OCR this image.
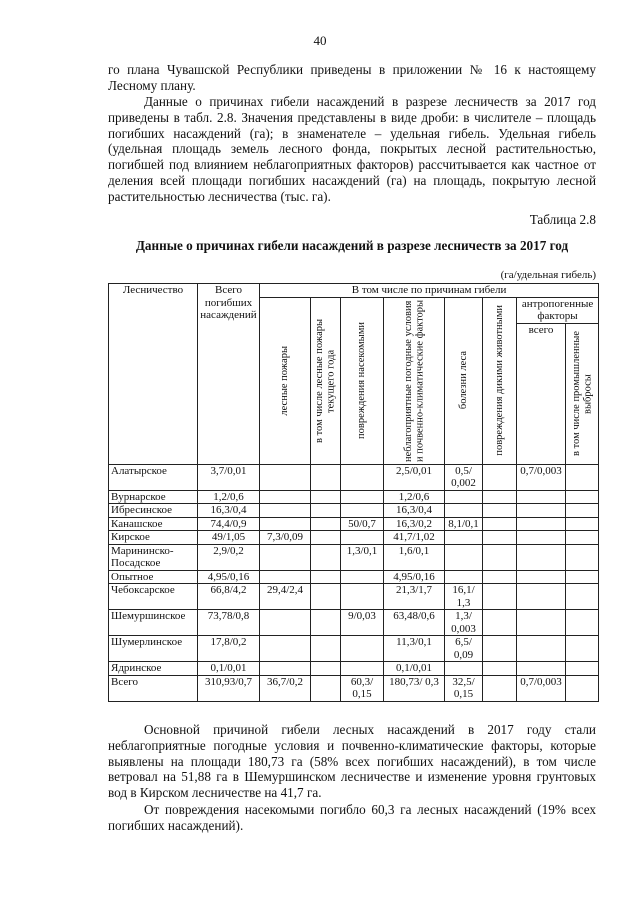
40

го плана Чувашской Республики приведены в приложении № 16 к настоящему Лесному плану.

Данные о причинах гибели насаждений в разрезе лесничеств за 2017 год приведены в табл. 2.8. Значения представлены в виде дроби: в числителе – площадь погибших насаждений (га); в знаменателе – удельная гибель. Удельная гибель (удельная площадь земель лесного фонда, покрытых лесной растительностью, погибшей под влиянием неблагоприятных факторов) рассчитывается как частное от деления всей площади погибших насаждений (га) на площадь, покрытую лесной растительностью лесничества (тыс. га).

Таблица 2.8
Данные о причинах гибели насаждений в разрезе лесничеств за 2017 год
(га/удельная гибель)
Лесничество	Всего погибших насаждений	В том числе по причинам гибели							

		лесные пожары	в том числе лесные пожары текущего года	повреждения насекомыми	неблагоприятные погодные условия и почвенно-климатические факторы	болезни леса	повреждения дикими животными	антропогенные факторы	
								всего	в том числе промышленные выбросы

Алатырское	3,7/0,01				2,5/0,01	0,5/ 0,002		0,7/0,003	
Вурнарское	1,2/0,6				1,2/0,6				
Ибресинское	16,3/0,4				16,3/0,4				
Канашское	74,4/0,9			50/0,7	16,3/0,2	8,1/0,1			
Кирское	49/1,05	7,3/0,09			41,7/1,02				
Марининско-Посадское	2,9/0,2			1,3/0,1	1,6/0,1				
Опытное	4,95/0,16				4,95/0,16				
Чебоксарское	66,8/4,2	29,4/2,4			21,3/1,7	16,1/ 1,3			
Шемуршинское	73,78/0,8			9/0,03	63,48/0,6	1,3/ 0,003			
Шумерлинское	17,8/0,2				11,3/0,1	6,5/ 0,09			
Ядринское	0,1/0,01				0,1/0,01				
Всего	310,93/0,7	36,7/0,2		60,3/ 0,15	180,73/ 0,3	32,5/ 0,15		0,7/0,003	

Основной причиной гибели лесных насаждений в 2017 году стали неблагоприятные погодные условия и почвенно-климатические факторы, которые выявлены на площади 180,73 га (58% всех погибших насаждений), в том числе ветровал на 51,88 га в Шемуршинском лесничестве и изменение уровня грунтовых вод в Кирском лесничестве на 41,7 га.

От повреждения насекомыми погибло 60,3 га лесных насаждений (19% всех погибших насаждений).
